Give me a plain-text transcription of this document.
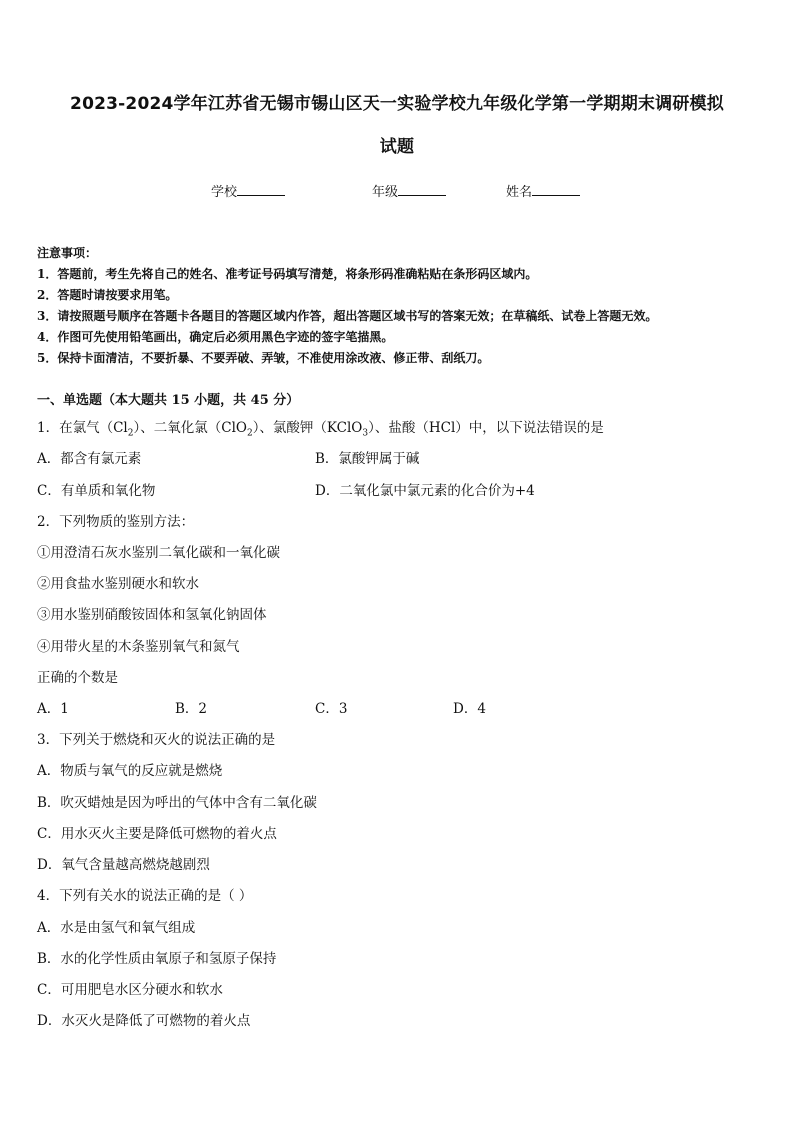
2023-2024学年江苏省无锡市锡山区天一实验学校九年级化学第一学期期末调研模拟
试题
学校	年级	姓名
注意事项：
1．答题前，考生先将自己的姓名、准考证号码填写清楚，将条形码准确粘贴在条形码区域内。
2．答题时请按要求用笔。
3．请按照题号顺序在答题卡各题目的答题区域内作答，超出答题区域书写的答案无效；在草稿纸、试卷上答题无效。
4．作图可先使用铅笔画出，确定后必须用黑色字迹的签字笔描黑。
5．保持卡面清洁，不要折暴、不要弄破、弄皱，不准使用涂改液、修正带、刮纸刀。
一、单选题（本大题共 15 小题，共 45 分）
1．在氯气$(Cl_2)$、二氧化氯（ClO$_2$）、氯酸钾（KClO$_3$）、盐酸（HCl）中，以下说法错误的是
A．都含有氯元素	B．氯酸钾属于碱
C．有单质和氧化物	D．二氧化氯中氯元素的化合价为+4
2．下列物质的鉴别方法：
①用澄清石灰水鉴别二氧化碳和一氧化碳
②用食盐水鉴别硬水和软水
③用水鉴别硝酸铵固体和氢氧化钠固体
④用带火星的木条鉴别氧气和氮气
正确的个数是
A．1	B．2	C．3	D．4
3．下列关于燃烧和灭火的说法正确的是
A．物质与氧气的反应就是燃烧
B．吹灭蜡烛是因为呼出的气体中含有二氧化碳
C．用水灭火主要是降低可燃物的着火点
D．氧气含量越高燃烧越剧烈
4．下列有关水的说法正确的是（ ）
A．水是由氢气和氧气组成
B．水的化学性质由氧原子和氢原子保持
C．可用肥皂水区分硬水和软水
D．水灭火是降低了可燃物的着火点
